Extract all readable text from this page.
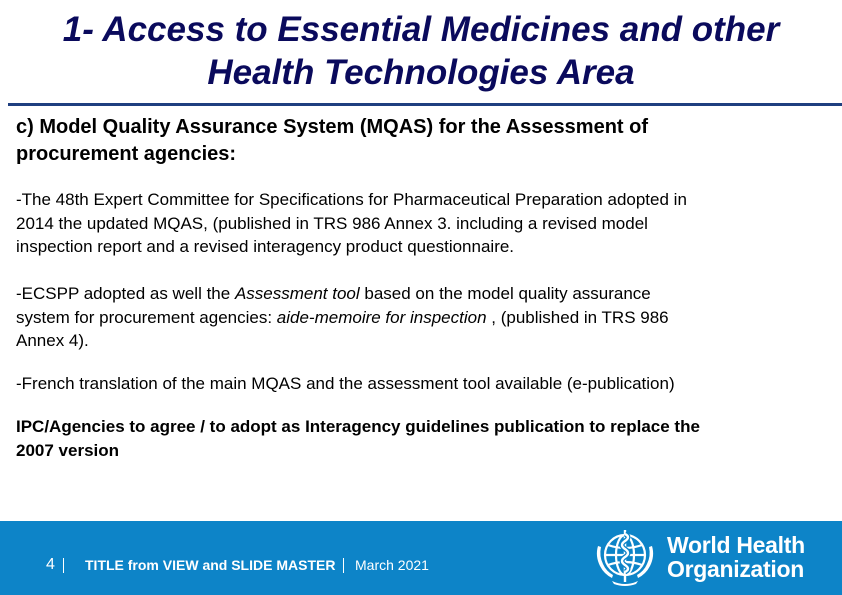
1- Access to Essential Medicines and other
Health Technologies Area
c) Model Quality Assurance System (MQAS) for the Assessment of
procurement agencies:
-The 48th Expert Committee for Specifications for Pharmaceutical Preparation adopted in
2014 the updated MQAS, (published in TRS 986 Annex 3. including a revised model
inspection report and a revised interagency product questionnaire.
-ECSPP adopted as well the Assessment tool based on the model quality assurance
system for procurement agencies: aide-memoire for inspection , (published in TRS 986
Annex 4).
-French translation of the main MQAS and the assessment tool available (e-publication)
IPC/Agencies to agree / to adopt as Interagency guidelines publication to replace the
2007 version
4 TITLE from VIEW and SLIDE MASTER March 2021
World Health
Organization
